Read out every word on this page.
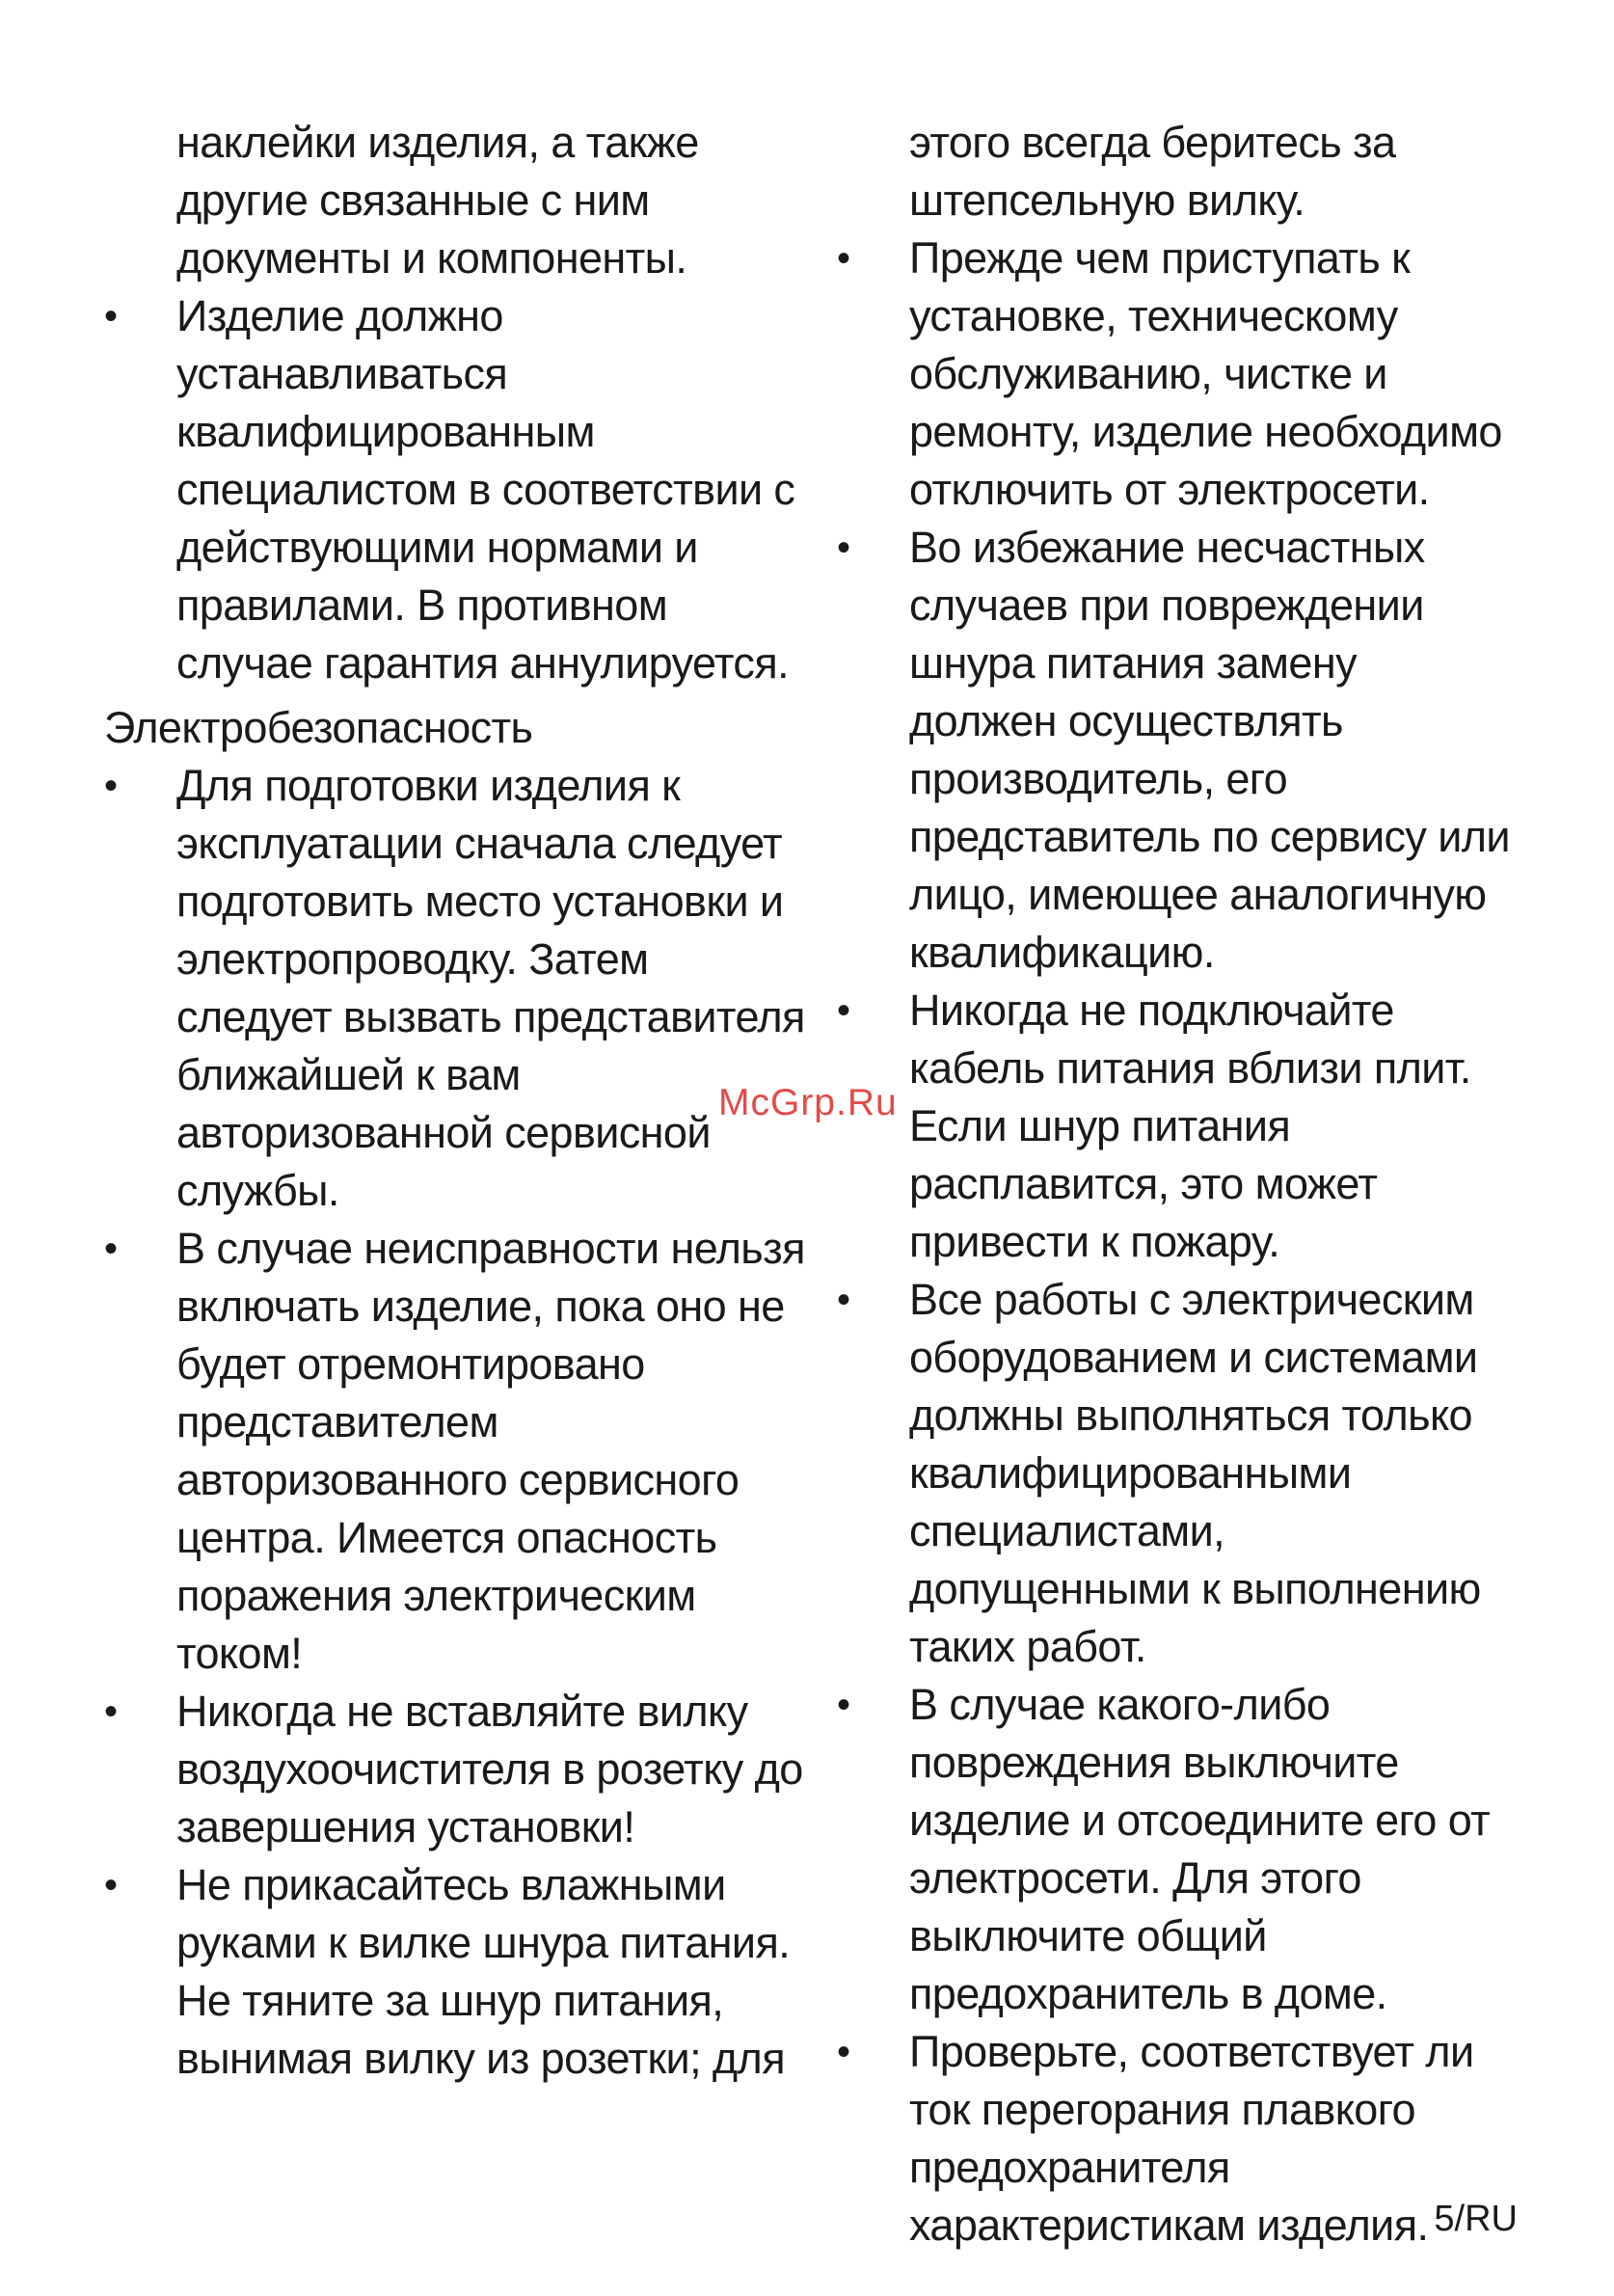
наклейки изделия, а также другие связанные с ним документы и компоненты.

• Изделие должно устанавливаться квалифицированным специалистом в соответствии с действующими нормами и правилами. В противном случае гарантия аннулируется.

Электробезопасность

• Для подготовки изделия к эксплуатации сначала следует подготовить место установки и электропроводку. Затем следует вызвать представителя ближайшей к вам авторизованной сервисной службы.

• В случае неисправности нельзя включать изделие, пока оно не будет отремонтировано представителем авторизованного сервисного центра. Имеется опасность поражения электрическим током!

• Никогда не вставляйте вилку воздухоочистителя в розетку до завершения установки!

• Не прикасайтесь влажными руками к вилке шнура питания. Не тяните за шнур питания, вынимая вилку из розетки; для

этого всегда беритесь за штепсельную вилку.

• Прежде чем приступать к установке, техническому обслуживанию, чистке и ремонту, изделие необходимо отключить от электросети.

• Во избежание несчастных случаев при повреждении шнура питания замену должен осуществлять производитель, его представитель по сервису или лицо, имеющее аналогичную квалификацию.

• Никогда не подключайте кабель питания вблизи плит. Если шнур питания расплавится, это может привести к пожару.

• Все работы с электрическим оборудованием и системами должны выполняться только квалифицированными специалистами, допущенными к выполнению таких работ.

• В случае какого-либо повреждения выключите изделие и отсоедините его от электросети. Для этого выключите общий предохранитель в доме.

• Проверьте, соответствует ли ток перегорания плавкого предохранителя характеристикам изделия.

McGrp.Ru
5/RU
